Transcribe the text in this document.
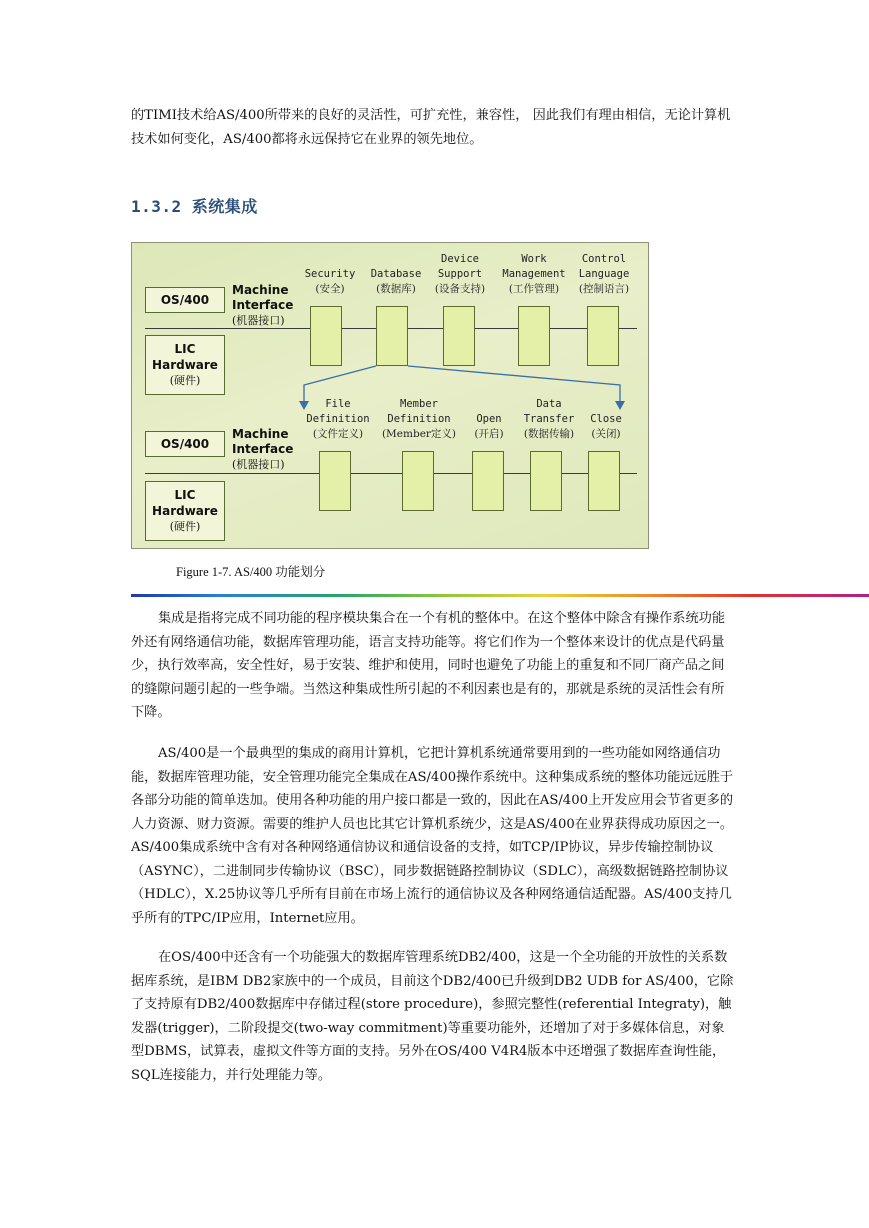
的TIMI技术给AS/400所带来的良好的灵活性，可扩充性，兼容性， 因此我们有理由相信，无论计算机技术如何变化，AS/400都将永远保持它在业界的领先地位。

1.3.2 系统集成
OS/400
LIC
Hardware
(硬件)
Machine
Interface
(机器接口)

Security
(安全)

Database
(数据库)
Device
Support
(设备支持)
Work
Management
(工作管理)
Control
Language
(控制语言)
OS/400
LIC
Hardware
(硬件)
Machine
Interface
(机器接口)
File
Definition
(文件定义)
Member
Definition
(Member定义)

Open
(开启)
Data
Transfer
(数据传输)

Close
(关闭)
Figure 1-7. AS/400 功能划分

集成是指将完成不同功能的程序模块集合在一个有机的整体中。在这个整体中除含有操作系统功能外还有网络通信功能，数据库管理功能，语言支持功能等。将它们作为一个整体来设计的优点是代码量少，执行效率高，安全性好，易于安装、维护和使用，同时也避免了功能上的重复和不同厂商产品之间的缝隙问题引起的一些争端。当然这种集成性所引起的不利因素也是有的，那就是系统的灵活性会有所下降。

AS/400是一个最典型的集成的商用计算机，它把计算机系统通常要用到的一些功能如网络通信功能，数据库管理功能，安全管理功能完全集成在AS/400操作系统中。这种集成系统的整体功能远远胜于各部分功能的简单迭加。使用各种功能的用户接口都是一致的，因此在AS/400上开发应用会节省更多的人力资源、财力资源。需要的维护人员也比其它计算机系统少，这是AS/400在业界获得成功原因之一。AS/400集成系统中含有对各种网络通信协议和通信设备的支持，如TCP/IP协议，异步传输控制协议（ASYNC），二进制同步传输协议（BSC），同步数据链路控制协议（SDLC），高级数据链路控制协议（HDLC），X.25协议等几乎所有目前在市场上流行的通信协议及各种网络通信适配器。AS/400支持几乎所有的TPC/IP应用，Internet应用。

在OS/400中还含有一个功能强大的数据库管理系统DB2/400，这是一个全功能的开放性的关系数据库系统，是IBM DB2家族中的一个成员，目前这个DB2/400已升级到DB2 UDB for AS/400，它除了支持原有DB2/400数据库中存储过程(store procedure)，参照完整性(referential Integraty)，触发器(trigger)，二阶段提交(two-way commitment)等重要功能外，还增加了对于多媒体信息，对象型DBMS，试算表，虚拟文件等方面的支持。另外在OS/400 V4R4版本中还增强了数据库查询性能，SQL连接能力，并行处理能力等。
